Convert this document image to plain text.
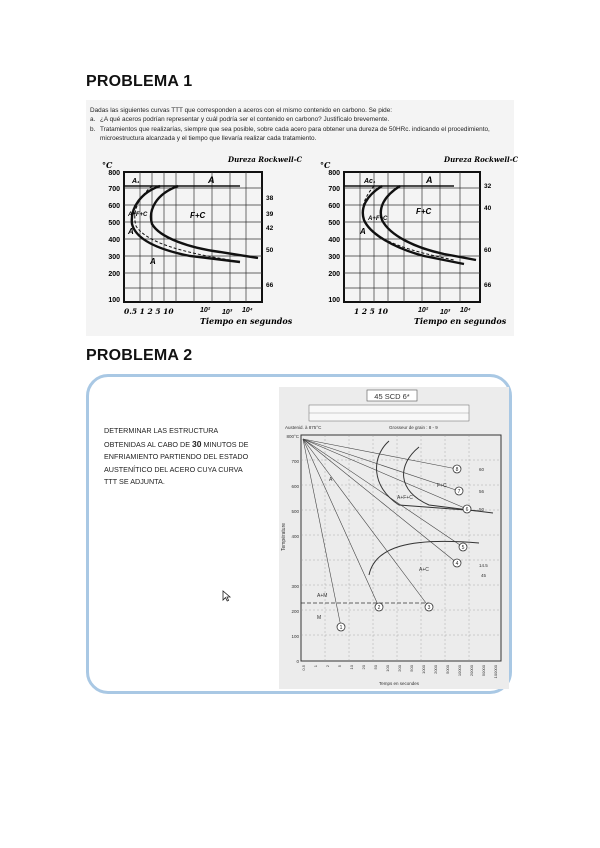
PROBLEMA 1
Dadas las siguientes curvas TTT que corresponden a aceros con el mismo contenido en carbono. Se pide:
a. ¿A qué aceros podrían representar y cuál podría ser el contenido en carbono? Justifícalo brevemente.
b. Tratamientos que realizarías, siempre que sea posible, sobre cada acero para obtener una dureza de 50HRc. indicando el procedimiento, microestructura alcanzada y el tiempo que llevaría realizar cada tratamiento.
°C
Dureza Rockwell-C
800
700
600
500
400
300
200
100
38
39
42
50
66
A₁	A
A+F+C	F+C
A
A
0.5 1 2 5 10	10² 10³ 10⁴
Tiempo en segundos
°C
Dureza Rockwell-C
800
700
600
500
400
300
200
100
32
40
60
66
Ac₁	A
A+F+C
F+C
A
1 2 5 10	10² 10³ 10⁴
Tiempo en segundos
PROBLEMA 2
DETERMINAR LAS ESTRUCTURA
OBTENIDAS AL CABO DE 30 MINUTOS DE
ENFRIAMIENTO PARTIENDO DEL ESTADO
AUSTENÍTICO DEL ACERO CUYA CURVA
TTT SE ADJUNTA.
45 SCD 6*
Austenid. à 875°C	Grosseur de grain : 8 - 9
800°C
700
600
500
400
300
200
100
0
Température
1
2	3
4
5
6
7
8
A
A+F+C
F+C
A+C
A+M
M
14.5
45
50
56
60
0.5 1 2 5 10 20 50 100 200 500 1000 2000 5000 10000 20000 50000 100000
Temps en secondes
